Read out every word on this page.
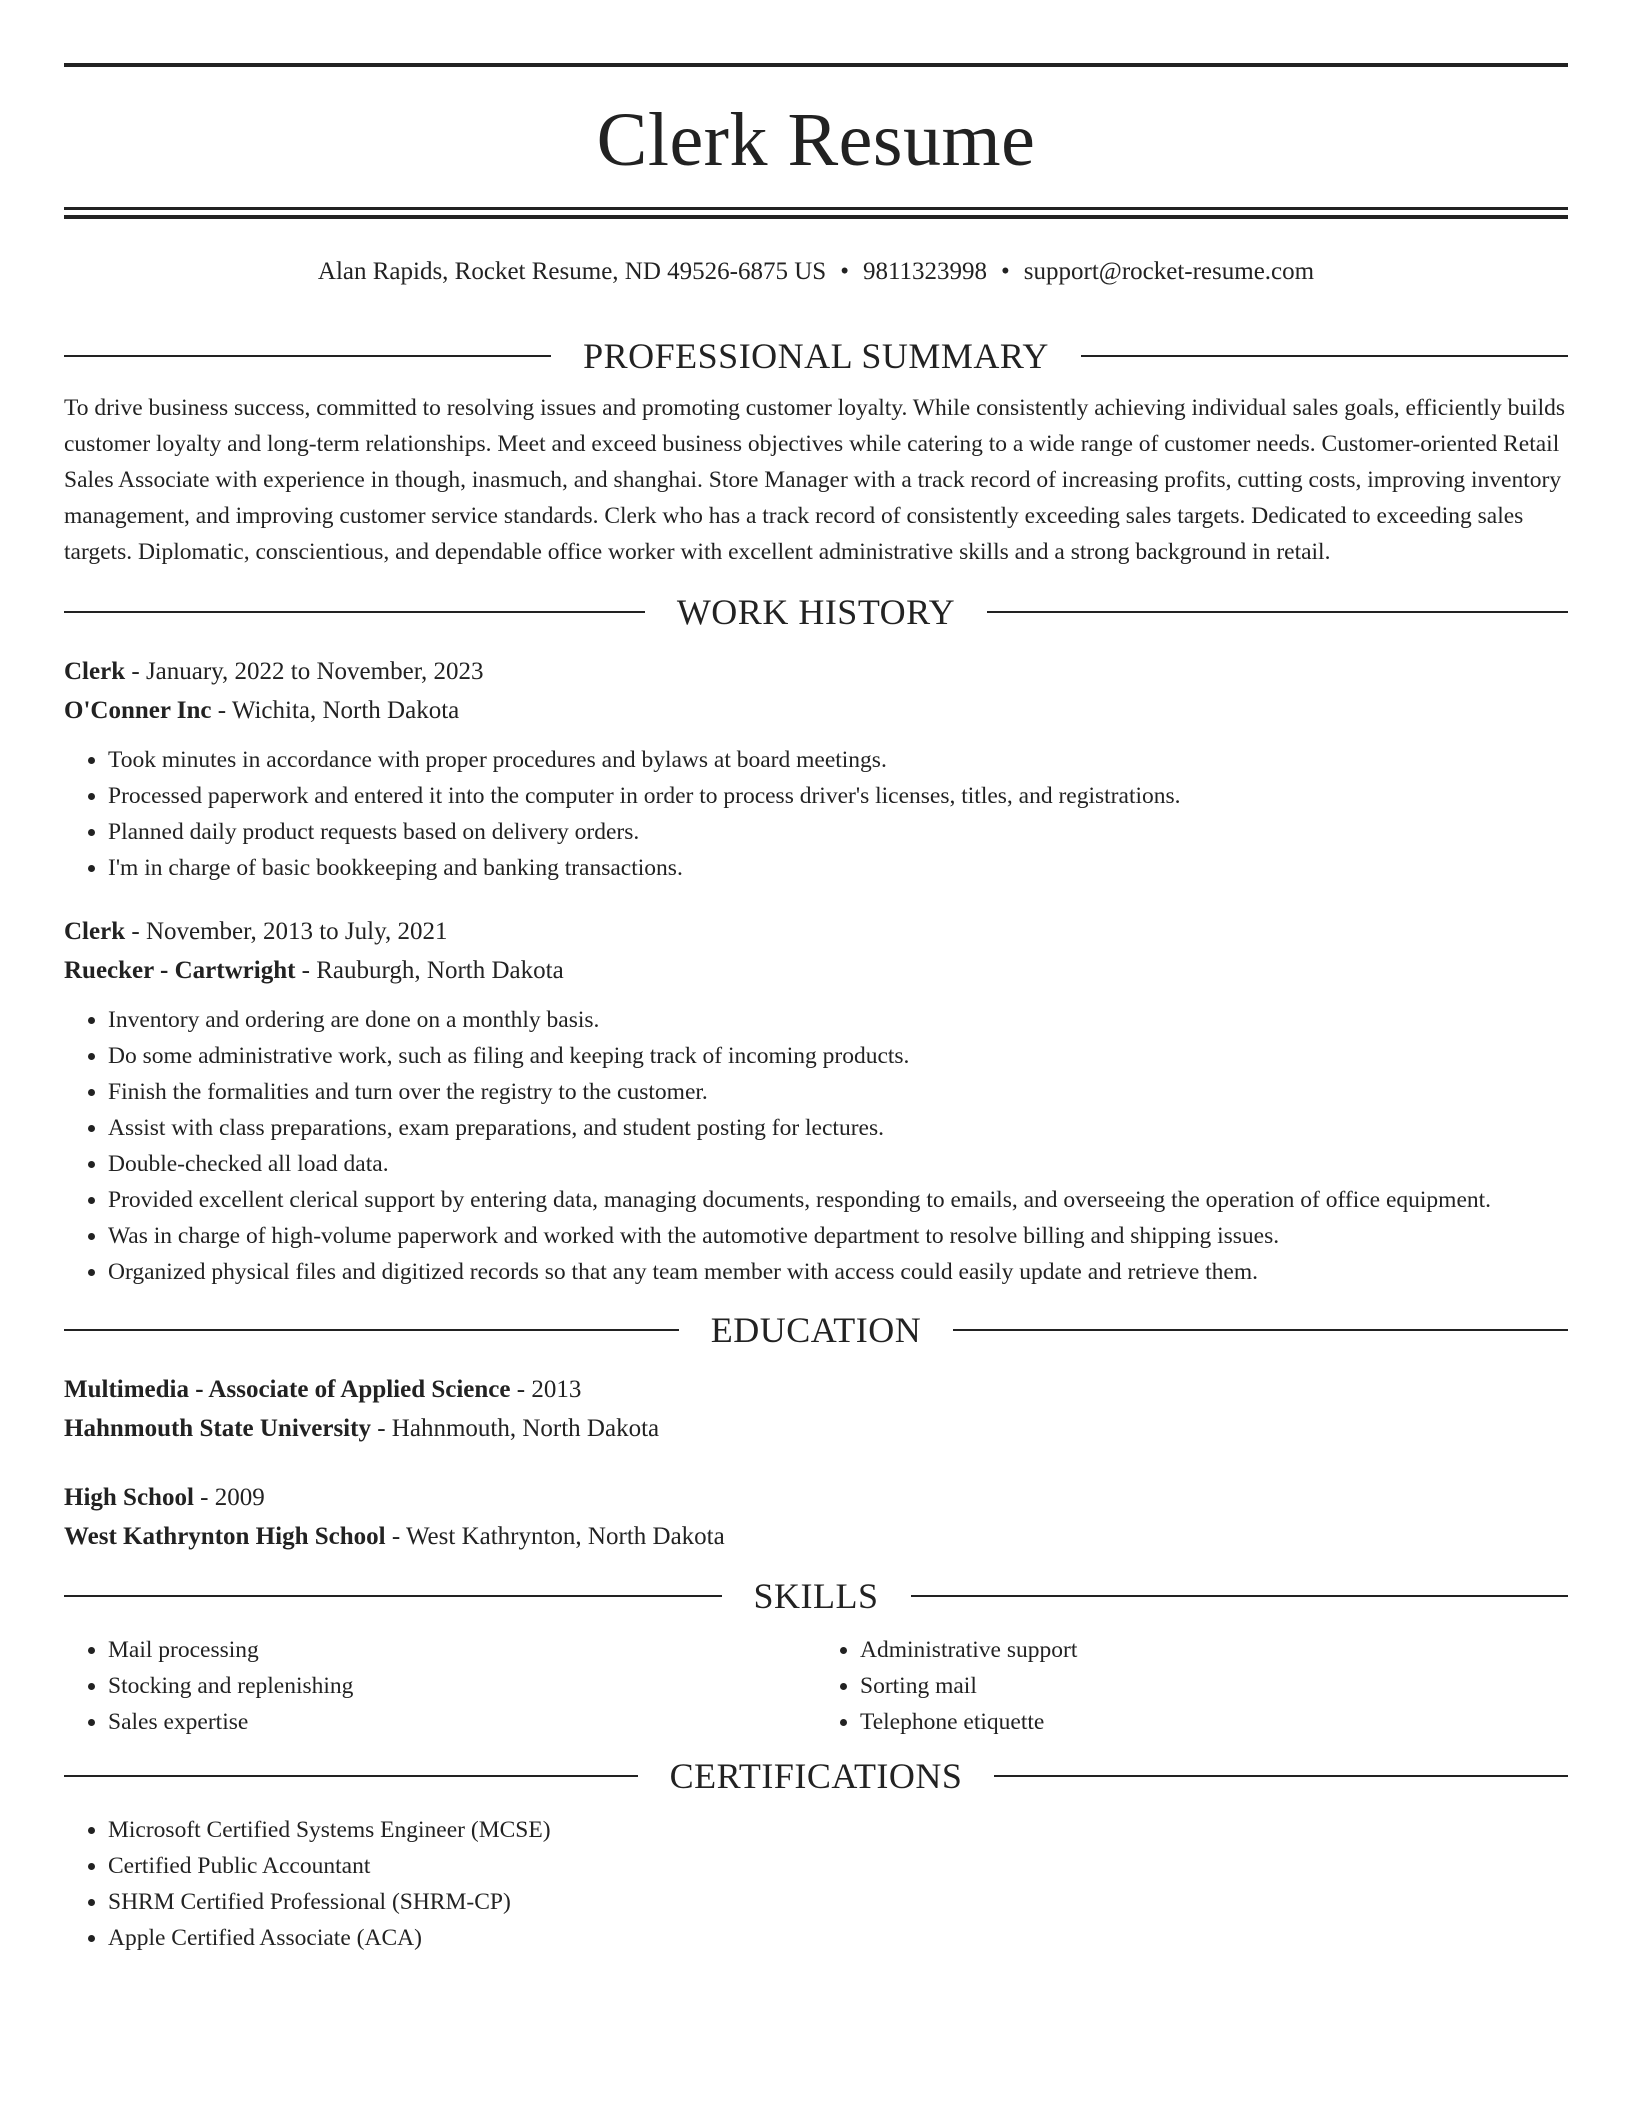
Clerk Resume
Alan Rapids, Rocket Resume, ND 49526-6875 US • 9811323998 • support@rocket-resume.com
PROFESSIONAL SUMMARY

To drive business success, committed to resolving issues and promoting customer loyalty. While consistently achieving individual sales goals, efficiently builds customer loyalty and long-term relationships. Meet and exceed business objectives while catering to a wide range of customer needs. Customer-oriented Retail Sales Associate with experience in though, inasmuch, and shanghai. Store Manager with a track record of increasing profits, cutting costs, improving inventory management, and improving customer service standards. Clerk who has a track record of consistently exceeding sales targets. Dedicated to exceeding sales targets. Diplomatic, conscientious, and dependable office worker with excellent administrative skills and a strong background in retail.

WORK HISTORY
Clerk - January, 2022 to November, 2023
O'Conner Inc - Wichita, North Dakota
• Took minutes in accordance with proper procedures and bylaws at board meetings.
• Processed paperwork and entered it into the computer in order to process driver's licenses, titles, and registrations.
• Planned daily product requests based on delivery orders.
• I'm in charge of basic bookkeeping and banking transactions.
Clerk - November, 2013 to July, 2021
Ruecker - Cartwright - Rauburgh, North Dakota
• Inventory and ordering are done on a monthly basis.
• Do some administrative work, such as filing and keeping track of incoming products.
• Finish the formalities and turn over the registry to the customer.
• Assist with class preparations, exam preparations, and student posting for lectures.
• Double-checked all load data.
• Provided excellent clerical support by entering data, managing documents, responding to emails, and overseeing the operation of office equipment.
• Was in charge of high-volume paperwork and worked with the automotive department to resolve billing and shipping issues.
• Organized physical files and digitized records so that any team member with access could easily update and retrieve them.
EDUCATION
Multimedia - Associate of Applied Science - 2013
Hahnmouth State University - Hahnmouth, North Dakota
High School - 2009
West Kathrynton High School - West Kathrynton, North Dakota
SKILLS
• Mail processing
• Stocking and replenishing
• Sales expertise
• Administrative support
• Sorting mail
• Telephone etiquette
CERTIFICATIONS
• Microsoft Certified Systems Engineer (MCSE)
• Certified Public Accountant
• SHRM Certified Professional (SHRM-CP)
• Apple Certified Associate (ACA)
